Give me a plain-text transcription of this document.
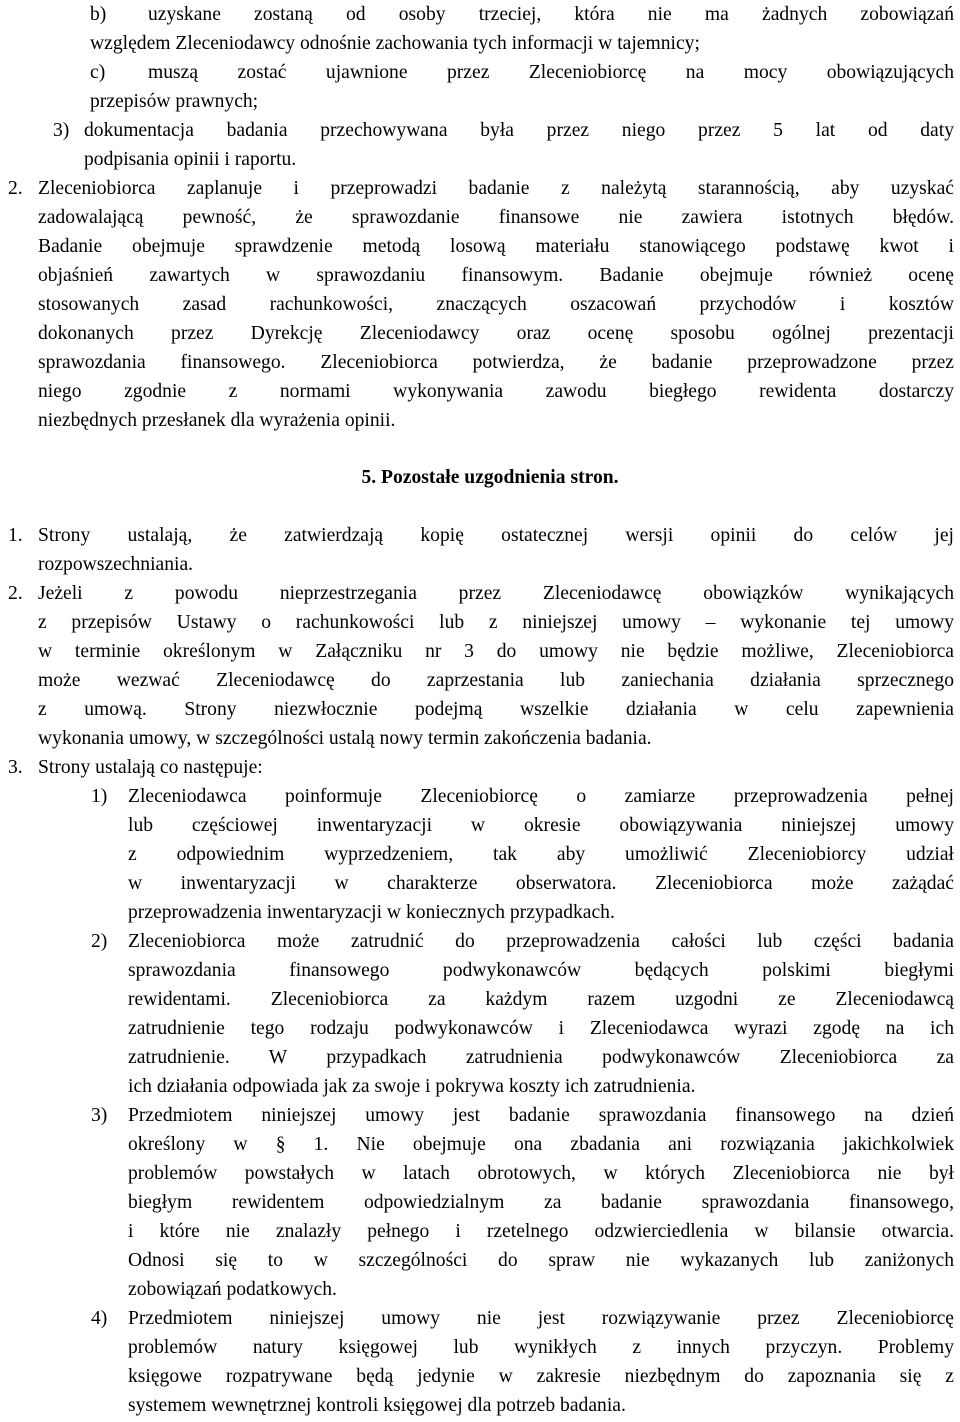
b) uzyskane zostaną od osoby trzeciej, która nie ma żadnych zobowiązań
względem Zleceniodawcy odnośnie zachowania tych informacji w tajemnicy;
c) muszą zostać ujawnione przez Zleceniobiorcę na mocy obowiązujących
przepisów prawnych;
3) dokumentacja badania przechowywana była przez niego przez 5 lat od daty
podpisania opinii i raportu.
2. Zleceniobiorca zaplanuje i przeprowadzi badanie z należytą starannością, aby uzyskać
zadowalającą pewność, że sprawozdanie finansowe nie zawiera istotnych błędów.
Badanie obejmuje sprawdzenie metodą losową materiału stanowiącego podstawę kwot i
objaśnień zawartych w sprawozdaniu finansowym. Badanie obejmuje również ocenę
stosowanych zasad rachunkowości, znaczących oszacowań przychodów i kosztów
dokonanych przez Dyrekcję Zleceniodawcy oraz ocenę sposobu ogólnej prezentacji
sprawozdania finansowego. Zleceniobiorca potwierdza, że badanie przeprowadzone przez
niego zgodnie z normami wykonywania zawodu biegłego rewidenta dostarczy
niezbędnych przesłanek dla wyrażenia opinii.
5. Pozostałe uzgodnienia stron.
1. Strony ustalają, że zatwierdzają kopię ostatecznej wersji opinii do celów jej
rozpowszechniania.
2. Jeżeli z powodu nieprzestrzegania przez Zleceniodawcę obowiązków wynikających
z przepisów Ustawy o rachunkowości lub z niniejszej umowy – wykonanie tej umowy
w terminie określonym w Załączniku nr 3 do umowy nie będzie możliwe, Zleceniobiorca
może wezwać Zleceniodawcę do zaprzestania lub zaniechania działania sprzecznego
z umową. Strony niezwłocznie podejmą wszelkie działania w celu zapewnienia
wykonania umowy, w szczególności ustalą nowy termin zakończenia badania.
3. Strony ustalają co następuje:
1) Zleceniodawca poinformuje Zleceniobiorcę o zamiarze przeprowadzenia pełnej
lub częściowej inwentaryzacji w okresie obowiązywania niniejszej umowy
z odpowiednim wyprzedzeniem, tak aby umożliwić Zleceniobiorcy udział
w inwentaryzacji w charakterze obserwatora. Zleceniobiorca może zażądać
przeprowadzenia inwentaryzacji w koniecznych przypadkach.
2) Zleceniobiorca może zatrudnić do przeprowadzenia całości lub części badania
sprawozdania finansowego podwykonawców będących polskimi biegłymi
rewidentami. Zleceniobiorca za każdym razem uzgodni ze Zleceniodawcą
zatrudnienie tego rodzaju podwykonawców i Zleceniodawca wyrazi zgodę na ich
zatrudnienie. W przypadkach zatrudnienia podwykonawców Zleceniobiorca za
ich działania odpowiada jak za swoje i pokrywa koszty ich zatrudnienia.
3) Przedmiotem niniejszej umowy jest badanie sprawozdania finansowego na dzień
określony w § 1. Nie obejmuje ona zbadania ani rozwiązania jakichkolwiek
problemów powstałych w latach obrotowych, w których Zleceniobiorca nie był
biegłym rewidentem odpowiedzialnym za badanie sprawozdania finansowego,
i które nie znalazły pełnego i rzetelnego odzwierciedlenia w bilansie otwarcia.
Odnosi się to w szczególności do spraw nie wykazanych lub zaniżonych
zobowiązań podatkowych.
4) Przedmiotem niniejszej umowy nie jest rozwiązywanie przez Zleceniobiorcę
problemów natury księgowej lub wynikłych z innych przyczyn. Problemy
księgowe rozpatrywane będą jedynie w zakresie niezbędnym do zapoznania się z
systemem wewnętrznej kontroli księgowej dla potrzeb badania.
